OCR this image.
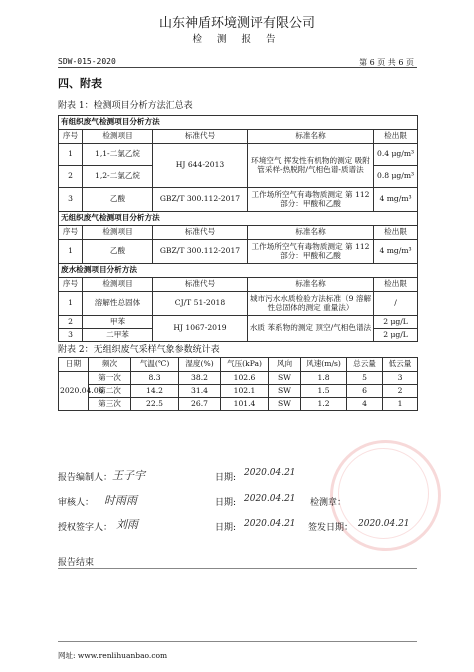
山东神盾环境测评有限公司
检 测 报 告
SDW-015-2020	第 6 页 共 6 页
四、附表
附表 1：检测项目分析方法汇总表
有组织废气检测项目分析方法				
序号	检测项目	标准代号	标准名称	检出限
1	1,1-二氯乙烷	HJ 644-2013	环境空气 挥发性有机物的测定 吸附管采样-热脱附/气相色谱-质谱法	0.4 μg/m³
2	1,2-二氯乙烷			0.8 μg/m³
3	乙酸	GBZ/T 300.112-2017	工作场所空气有毒物质测定 第 112 部分：甲酸和乙酸	4 mg/m³
无组织废气检测项目分析方法				
序号	检测项目	标准代号	标准名称	检出限
1	乙酸	GBZ/T 300.112-2017	工作场所空气有毒物质测定 第 112 部分：甲酸和乙酸	4 mg/m³
废水检测项目分析方法				
序号	检测项目	标准代号	标准名称	检出限
1	溶解性总固体	CJ/T 51-2018	城市污水水质检验方法标准（9 溶解性总固体的测定 重量法）	/
2	甲苯	HJ 1067-2019	水质 苯系物的测定 顶空/气相色谱法	2 μg/L
3	二甲苯			2 μg/L
附表 2：无组织废气采样气象参数统计表
日期	频次	气温(℃)	湿度(%)	气压(kPa)	风向	风速(m/s)	总云量	低云量
2020.04.06	第一次	8.3	38.2	102.6	SW	1.8	5	3
	第二次	14.2	31.4	102.1	SW	1.5	6	2
	第三次	22.5	26.7	101.4	SW	1.2	4	1
报告编制人： 王子宇	日期: 2020.04.21
审核人： 时雨雨	日期: 2020.04.21 检测章：
授权签字人： 刘雨	日期: 2020.04.21 签发日期： 2020.04.21
报告结束
网址: www.renlihuanbao.com
